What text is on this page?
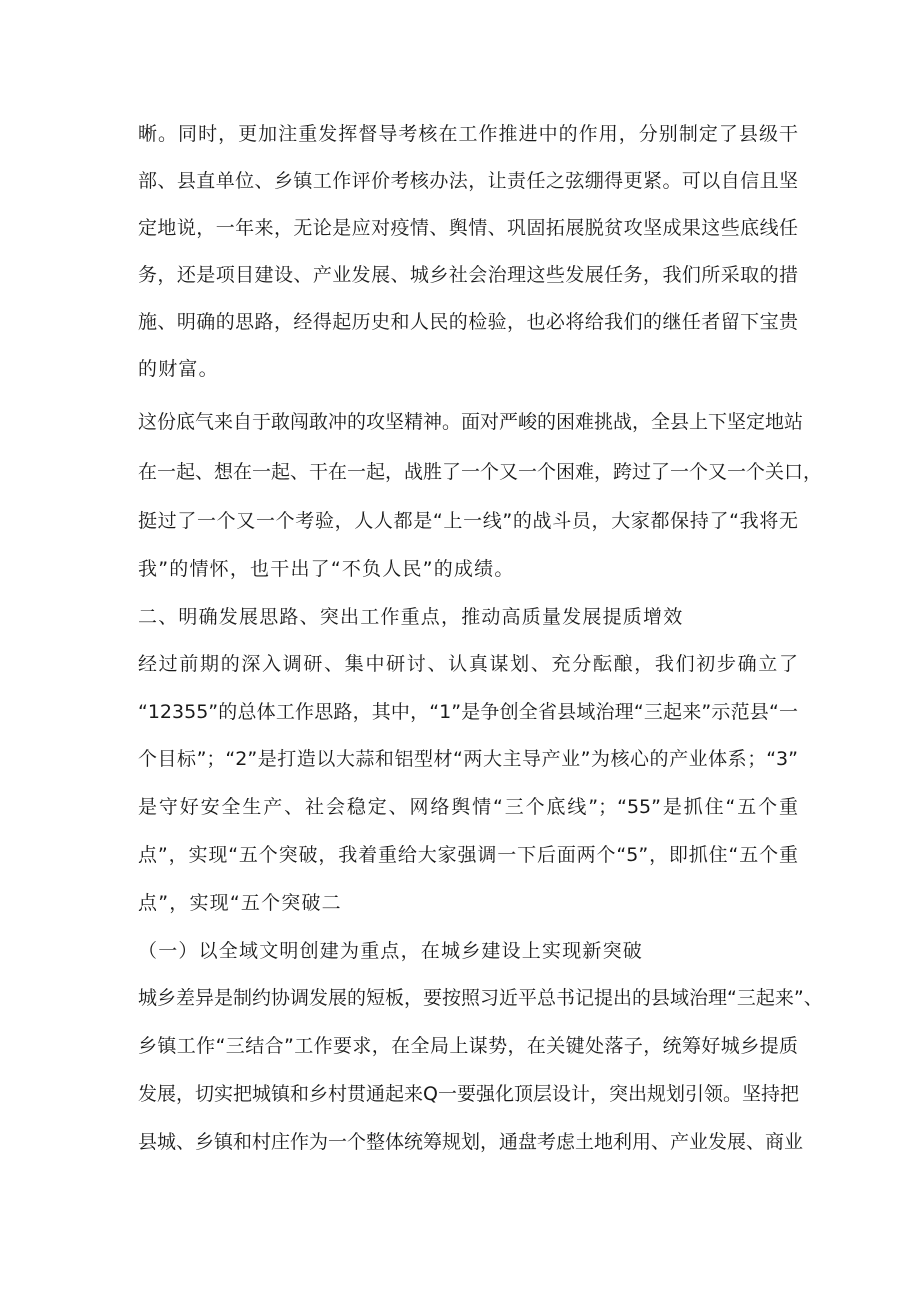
晰。同时，更加注重发挥督导考核在工作推进中的作用，分别制定了县级干
部、县直单位、乡镇工作评价考核办法，让责任之弦绷得更紧。可以自信且坚
定地说，一年来，无论是应对疫情、舆情、巩固拓展脱贫攻坚成果这些底线任
务，还是项目建设、产业发展、城乡社会治理这些发展任务，我们所采取的措
施、明确的思路，经得起历史和人民的检验，也必将给我们的继任者留下宝贵
的财富。
这份底气来自于敢闯敢冲的攻坚精神。面对严峻的困难挑战，全县上下坚定地站
在一起、想在一起、干在一起，战胜了一个又一个困难，跨过了一个又一个关口，
挺过了一个又一个考验，人人都是“上一线”的战斗员，大家都保持了“我将无
我”的情怀，也干出了“不负人民”的成绩。
二、明确发展思路、突出工作重点，推动高质量发展提质增效
经过前期的深入调研、集中研讨、认真谋划、充分酝酿，我们初步确立了
“12355”的总体工作思路，其中，“1”是争创全省县域治理“三起来”示范县“一
个目标”；“2”是打造以大蒜和铝型材“两大主导产业”为核心的产业体系；“3”
是守好安全生产、社会稳定、网络舆情“三个底线”；“55”是抓住“五个重
点”，实现“五个突破，我着重给大家强调一下后面两个“5”，即抓住“五个重
点”，实现“五个突破二
（一）以全域文明创建为重点，在城乡建设上实现新突破
城乡差异是制约协调发展的短板，要按照习近平总书记提出的县域治理“三起来”、
乡镇工作“三结合”工作要求，在全局上谋势，在关键处落子，统筹好城乡提质
发展，切实把城镇和乡村贯通起来Q一要强化顶层设计，突出规划引领。坚持把
县城、乡镇和村庄作为一个整体统筹规划，通盘考虑土地利用、产业发展、商业
